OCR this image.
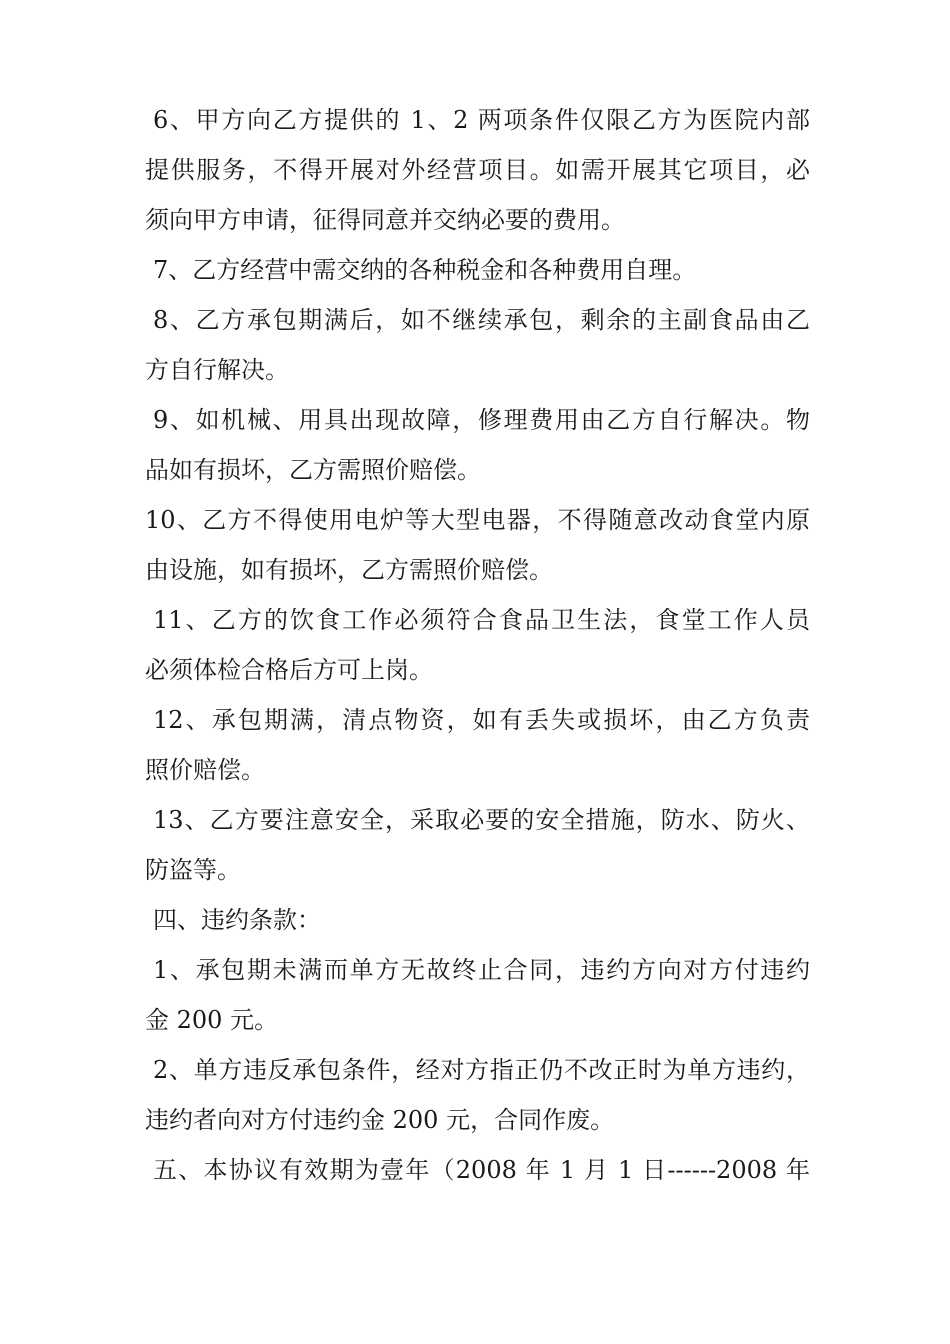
6、甲方向乙方提供的 1、2 两项条件仅限乙方为医院内部
提供服务，不得开展对外经营项目。如需开展其它项目，必
须向甲方申请，征得同意并交纳必要的费用。
7、乙方经营中需交纳的各种税金和各种费用自理。
8、乙方承包期满后，如不继续承包，剩余的主副食品由乙
方自行解决。
9、如机械、用具出现故障，修理费用由乙方自行解决。物
品如有损坏，乙方需照价赔偿。
10、乙方不得使用电炉等大型电器，不得随意改动食堂内原
由设施，如有损坏，乙方需照价赔偿。
11、乙方的饮食工作必须符合食品卫生法，食堂工作人员
必须体检合格后方可上岗。
12、承包期满，清点物资，如有丢失或损坏，由乙方负责
照价赔偿。
13、乙方要注意安全，采取必要的安全措施，防水、防火、
防盗等。
四、违约条款：
1、承包期未满而单方无故终止合同，违约方向对方付违约
金 200 元。
2、单方违反承包条件，经对方指正仍不改正时为单方违约，
违约者向对方付违约金 200 元，合同作废。
五、本协议有效期为壹年（2008 年 1 月 1 日------2008 年
